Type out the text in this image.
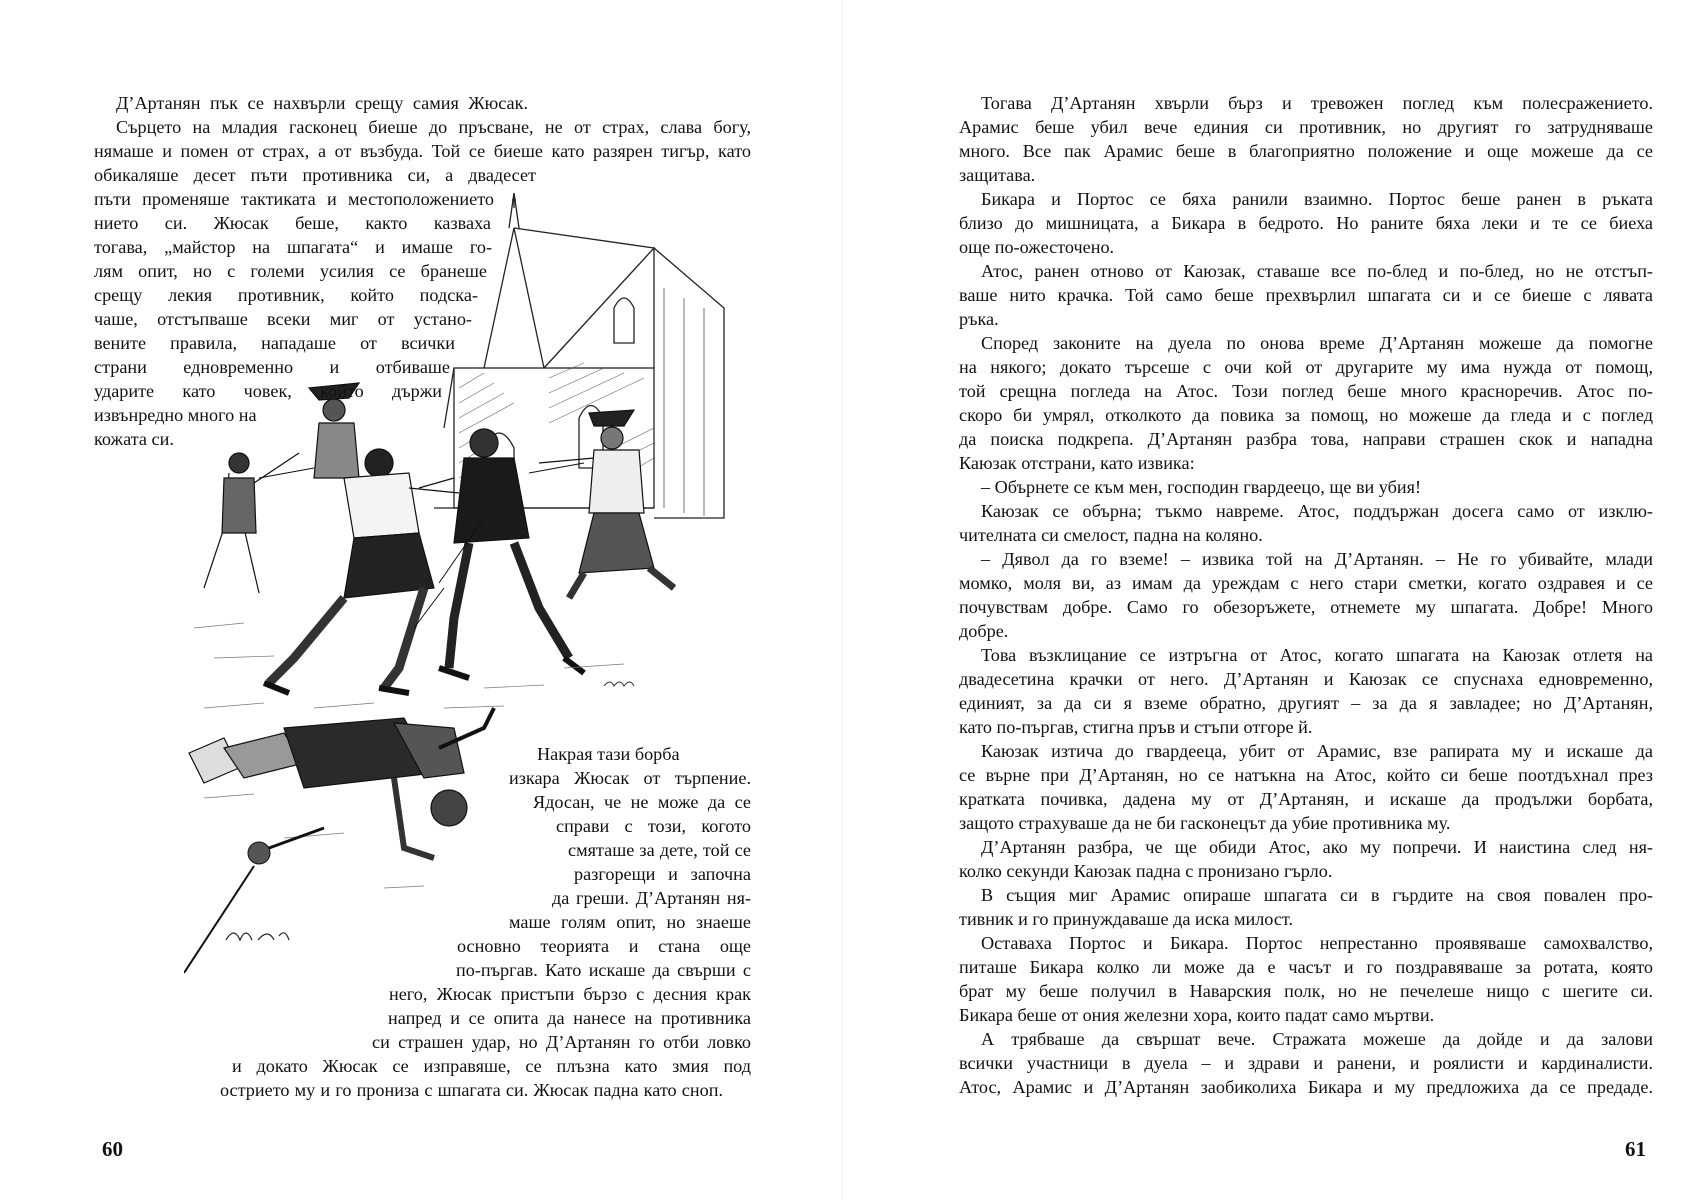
Д’Артанян пък се нахвърли срещу самия Жюсак.
Сърцето на младия гасконец биеше до пръсване, не от страх, слава богу,
нямаше и помен от страх, а от възбуда. Той се биеше като разярен тигър, като
обикаляше десет пъти противника си, а двадесет
пъти променяше тактиката и местоположението
нието си. Жюсак беше, както казваха
тогава, „майстор на шпагата“ и имаше го-
лям опит, но с големи усилия се бранеше
срещу лекия противник, който подска-
чаше, отстъпваше всеки миг от устано-
вените правила, нападаше от всички
страни едновременно и отбиваше
ударите като човек, който държи
извънредно много на
кожата си.
Накрая тази борба
изкара Жюсак от търпение.
Ядосан, че не може да се
справи с този, когото
смяташе за дете, той се
разгорещи и започна
да греши. Д’Артанян ня-
маше голям опит, но знаеше
основно теорията и стана още
по-пъргав. Като искаше да свърши с
него, Жюсак пристъпи бързо с десния крак
напред и се опита да нанесе на противника
си страшен удар, но Д’Артанян го отби ловко
и докато Жюсак се изправяше, се плъзна като змия под
острието му и го прониза с шпагата си. Жюсак падна като сноп.
60
Тогава Д’Артанян хвърли бърз и тревожен поглед към полесражението.
Арамис беше убил вече единия си противник, но другият го затрудняваше
много. Все пак Арамис беше в благоприятно положение и още можеше да се
защитава.
Бикара и Портос се бяха ранили взаимно. Портос беше ранен в ръката
близо до мишницата, а Бикара в бедрото. Но раните бяха леки и те се биеха
още по-ожесточено.
Атос, ранен отново от Каюзак, ставаше все по-блед и по-блед, но не отстъп-
ваше нито крачка. Той само беше прехвърлил шпагата си и се биеше с лявата
ръка.
Според законите на дуела по онова време Д’Артанян можеше да помогне
на някого; докато търсеше с очи кой от другарите му има нужда от помощ,
той срещна погледа на Атос. Този поглед беше много красноречив. Атос по-
скоро би умрял, отколкото да повика за помощ, но можеше да гледа и с поглед
да поиска подкрепа. Д’Артанян разбра това, направи страшен скок и нападна
Каюзак отстрани, като извика:
– Обърнете се към мен, господин гвардеецо, ще ви убия!
Каюзак се обърна; тъкмо навреме. Атос, поддържан досега само от изклю-
чителната си смелост, падна на коляно.
– Дявол да го вземе! – извика той на Д’Артанян. – Не го убивайте, млади
момко, моля ви, аз имам да уреждам с него стари сметки, когато оздравея и се
почувствам добре. Само го обезоръжете, отнемете му шпагата. Добре! Много
добре.
Това възклицание се изтръгна от Атос, когато шпагата на Каюзак отлетя на
двадесетина крачки от него. Д’Артанян и Каюзак се спуснаха едновременно,
единият, за да си я вземе обратно, другият – за да я завладее; но Д’Артанян,
като по-пъргав, стигна пръв и стъпи отгоре й.
Каюзак изтича до гвардееца, убит от Арамис, взе рапирата му и искаше да
се върне при Д’Артанян, но се натъкна на Атос, който си беше поотдъхнал през
кратката почивка, дадена му от Д’Артанян, и искаше да продължи борбата,
защото страхуваше да не би гасконецът да убие противника му.
Д’Артанян разбра, че ще обиди Атос, ако му попречи. И наистина след ня-
колко секунди Каюзак падна с пронизано гърло.
В същия миг Арамис опираше шпагата си в гърдите на своя повален про-
тивник и го принуждаваше да иска милост.
Оставаха Портос и Бикара. Портос непрестанно проявяваше самохвалство,
питаше Бикара колко ли може да е часът и го поздравяваше за ротата, която
брат му беше получил в Наварския полк, но не печелеше нищо с шегите си.
Бикара беше от ония железни хора, които падат само мъртви.
А трябваше да свършат вече. Стражата можеше да дойде и да залови
всички участници в дуела – и здрави и ранени, и роялисти и кардиналисти.
Атос, Арамис и Д’Артанян заобиколиха Бикара и му предложиха да се предаде.
61
